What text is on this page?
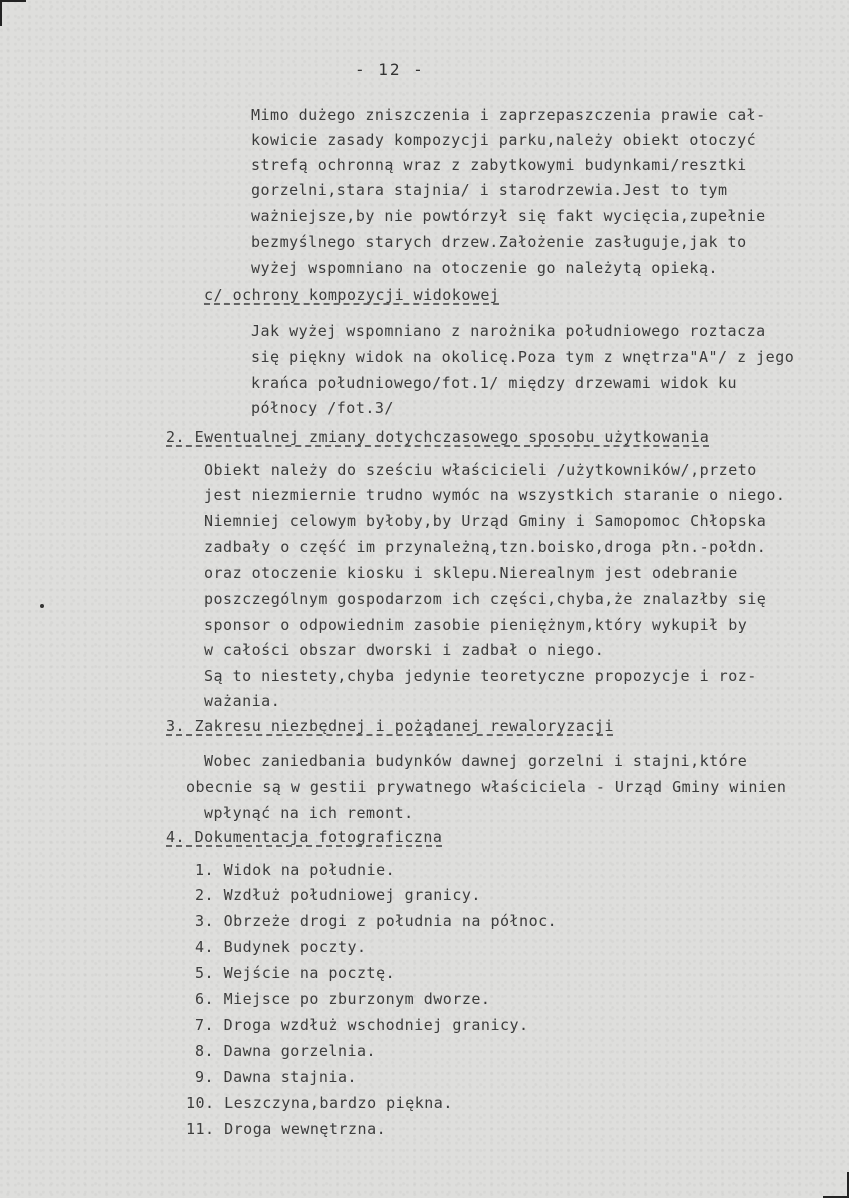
- 12 -
Mimo dużego zniszczenia i zaprzepaszczenia prawie cał-
kowicie zasady kompozycji parku,należy obiekt otoczyć
strefą ochronną wraz z zabytkowymi budynkami/resztki
gorzelni,stara stajnia/ i starodrzewia.Jest to tym
ważniejsze,by nie powtórzył się fakt wycięcia,zupełnie
bezmyślnego starych drzew.Założenie zasługuje,jak to
wyżej wspomniano na otoczenie go należytą opieką.
c/ ochrony kompozycji widokowej
Jak wyżej wspomniano z narożnika południowego roztacza
się piękny widok na okolicę.Poza tym z wnętrza"A"/ z jego
krańca południowego/fot.1/ między drzewami widok ku
północy /fot.3/
2. Ewentualnej zmiany dotychczasowego sposobu użytkowania
Obiekt należy do sześciu właścicieli /użytkowników/,przeto
jest niezmiernie trudno wymóc na wszystkich staranie o niego.
Niemniej celowym byłoby,by Urząd Gminy i Samopomoc Chłopska
zadbały o część im przynależną,tzn.boisko,droga płn.-połdn.
oraz otoczenie kiosku i sklepu.Nierealnym jest odebranie
poszczególnym gospodarzom ich części,chyba,że znalazłby się
sponsor o odpowiednim zasobie pieniężnym,który wykupił by
w całości obszar dworski i zadbał o niego.
Są to niestety,chyba jedynie teoretyczne propozycje i roz-
ważania.
3. Zakresu niezbędnej i pożądanej rewaloryzacji
Wobec zaniedbania budynków dawnej gorzelni i stajni,które
obecnie są w gestii prywatnego właściciela - Urząd Gminy winien
wpłynąć na ich remont.
4. Dokumentacja fotograficzna
1. Widok na południe.
2. Wzdłuż południowej granicy.
3. Obrzeże drogi z południa na północ.
4. Budynek poczty.
5. Wejście na pocztę.
6. Miejsce po zburzonym dworze.
7. Droga wzdłuż wschodniej granicy.
8. Dawna gorzelnia.
9. Dawna stajnia.
10. Leszczyna,bardzo piękna.
11. Droga wewnętrzna.
